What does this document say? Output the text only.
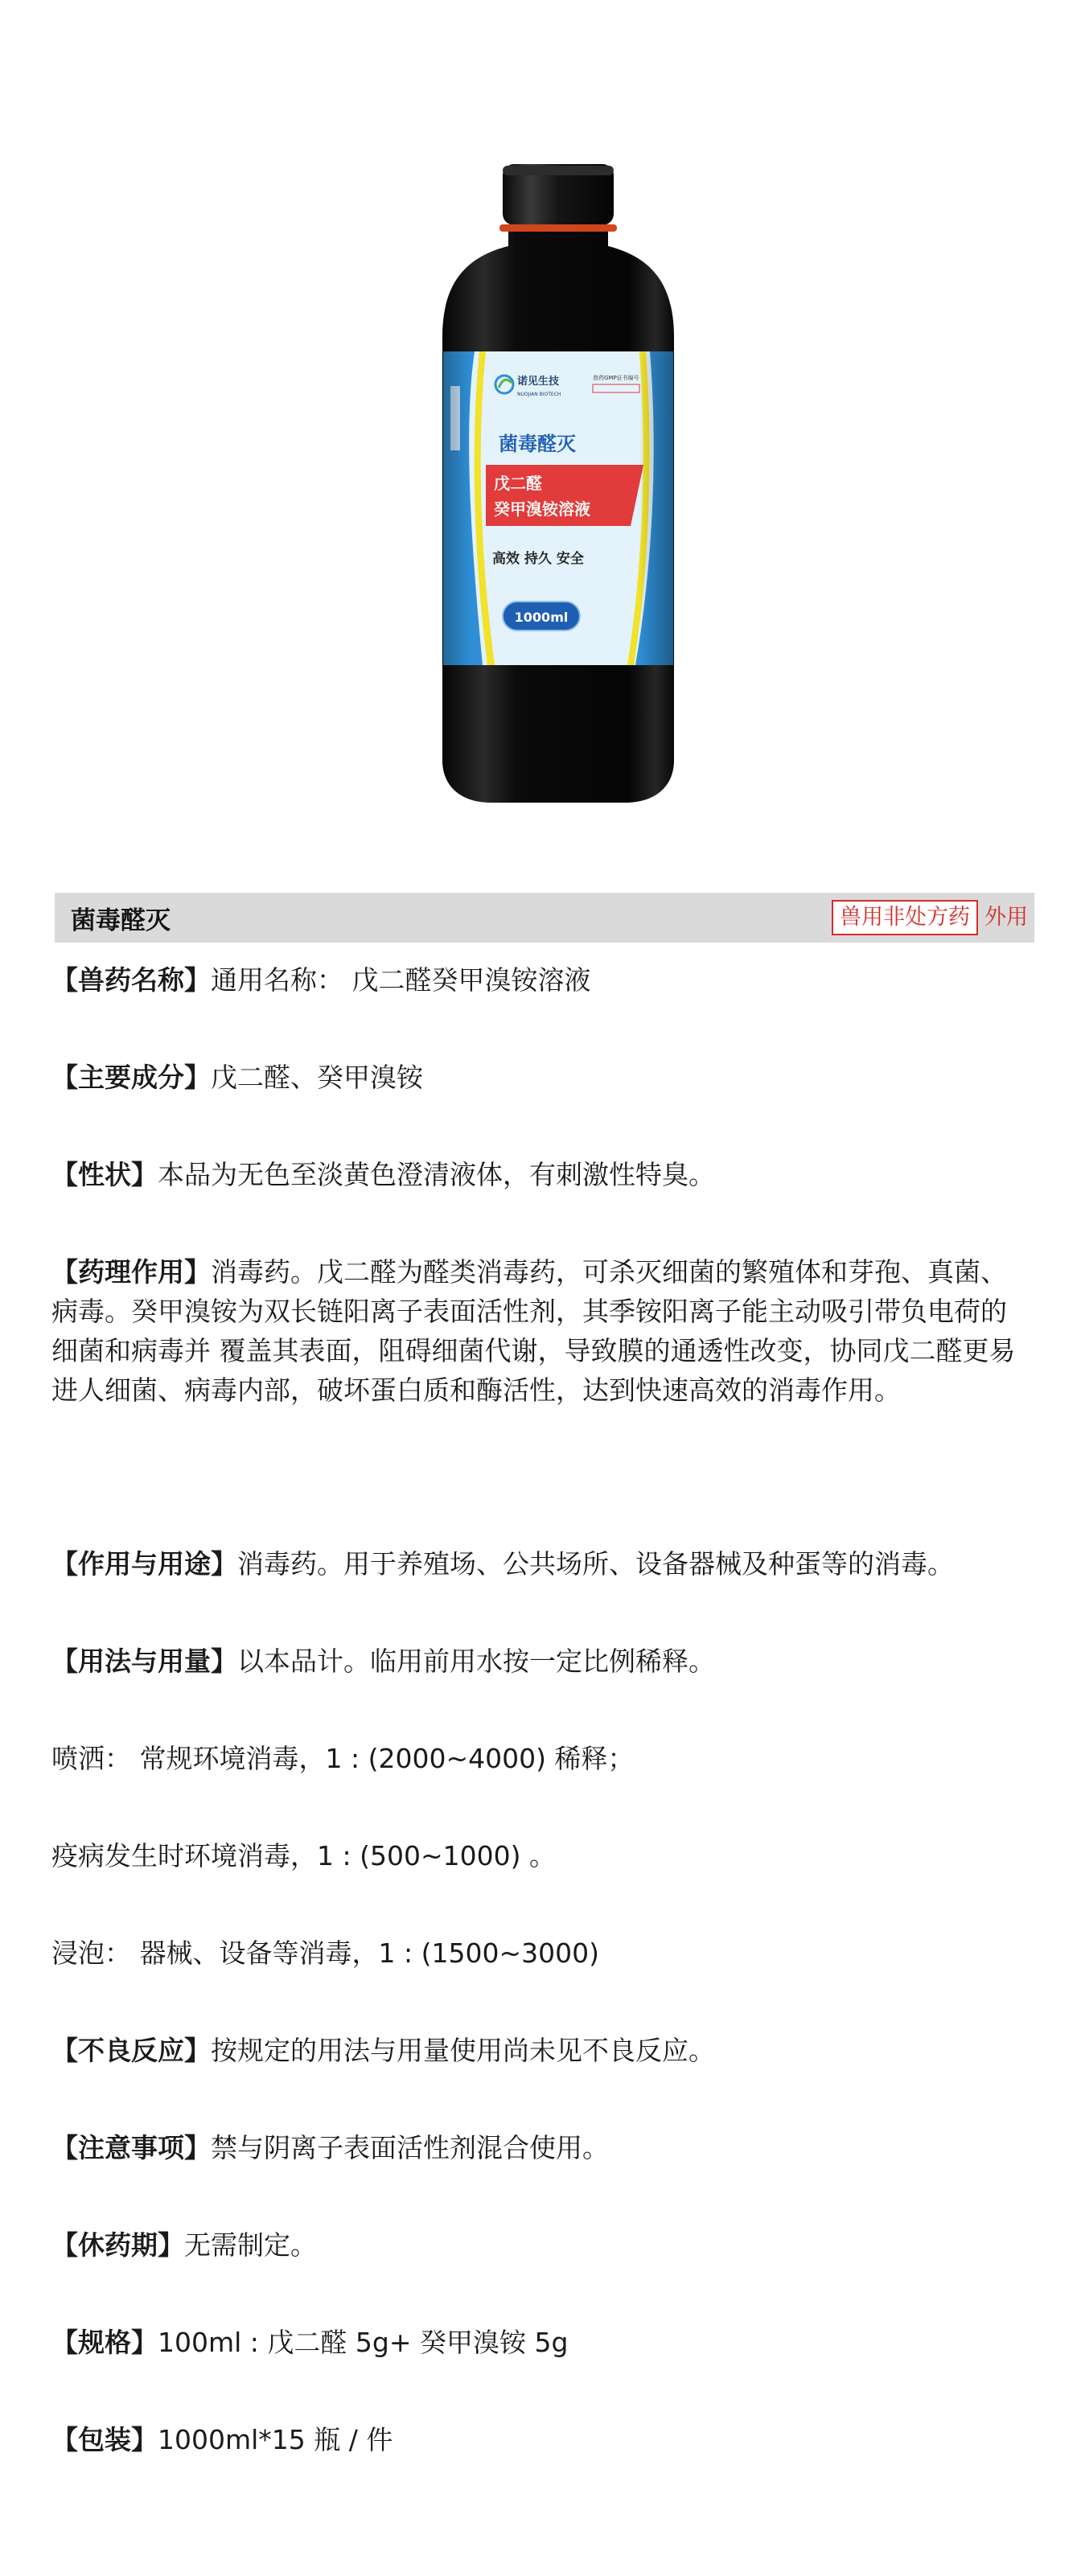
菌毒醛灭	兽用非处方药 外用

【兽药名称】通用名称： 戊二醛癸甲溴铵溶液

【主要成分】戊二醛、癸甲溴铵

【性状】本品为无色至淡黄色澄清液体，有刺激性特臭。

【药理作用】消毒药。戊二醛为醛类消毒药，可杀灭细菌的繁殖体和芽孢、真菌、病毒。癸甲溴铵为双长链阳离子表面活性剂，其季铵阳离子能主动吸引带负电荷的细菌和病毒并 覆盖其表面，阻碍细菌代谢，导致膜的通透性改变，协同戊二醛更易进人细菌、病毒内部，破坏蛋白质和酶活性，达到快速高效的消毒作用。

【作用与用途】消毒药。用于养殖场、公共场所、设备器械及种蛋等的消毒。

【用法与用量】以本品计。临用前用水按一定比例稀释。

喷洒： 常规环境消毒，1 : (2000~4000) 稀释；

疫病发生时环境消毒，1 : (500~1000) 。

浸泡： 器械、设备等消毒，1 : (1500~3000)

【不良反应】按规定的用法与用量使用尚未见不良反应。

【注意事项】禁与阴离子表面活性剂混合使用。

【休药期】无需制定。

【规格】100ml : 戊二醛 5g+ 癸甲溴铵 5g

【包装】1000ml*15 瓶 / 件
